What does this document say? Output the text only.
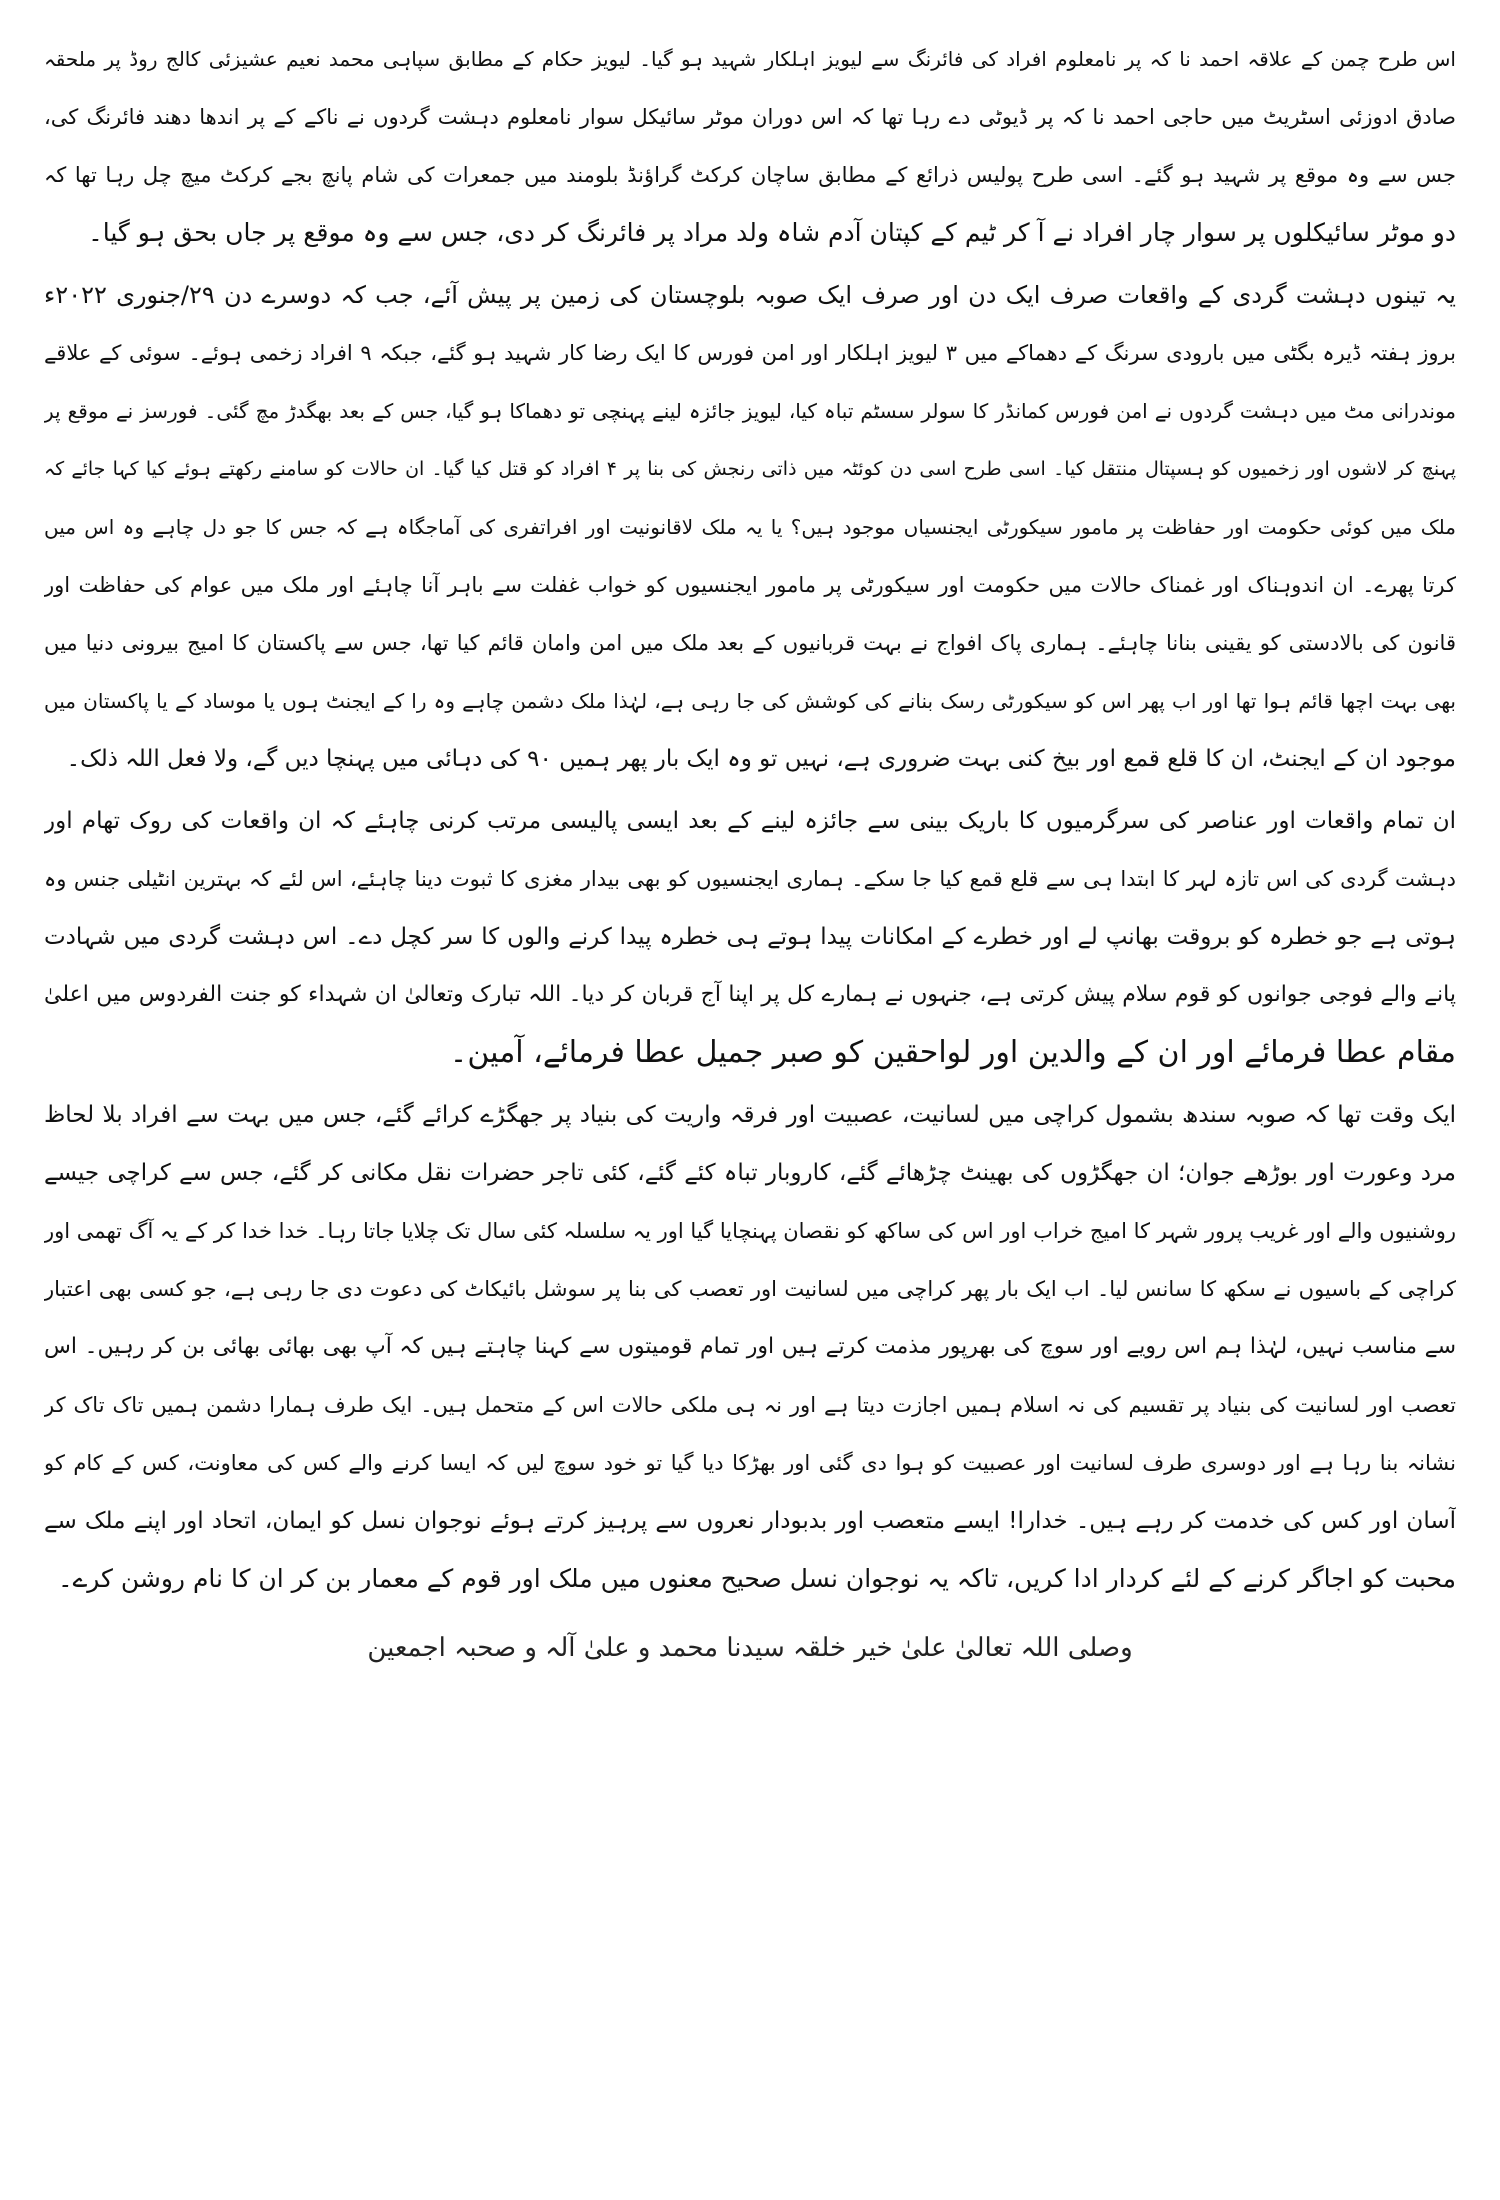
اس طرح چمن کے علاقہ احمد نا کہ پر نامعلوم افراد کی فائرنگ سے لیویز اہلکار شہید ہو گیا۔ لیویز حکام کے مطابق سپاہی محمد نعیم عشیزئی کالج روڈ پر ملحقہ
صادق ادوزئی اسٹریٹ میں حاجی احمد نا کہ پر ڈیوٹی دے رہا تھا کہ اس دوران موٹر سائیکل سوار نامعلوم دہشت گردوں نے ناکے کے پر اندھا دھند فائرنگ کی،
جس سے وہ موقع پر شہید ہو گئے۔ اسی طرح پولیس ذرائع کے مطابق ساچان کرکٹ گراؤنڈ بلومند میں جمعرات کی شام پانچ بجے کرکٹ میچ چل رہا تھا کہ
دو موٹر سائیکلوں پر سوار چار افراد نے آ کر ٹیم کے کپتان آدم شاہ ولد مراد پر فائرنگ کر دی، جس سے وہ موقع پر جاں بحق ہو گیا۔
یہ تینوں دہشت گردی کے واقعات صرف ایک دن اور صرف ایک صوبہ بلوچستان کی زمین پر پیش آئے، جب کہ دوسرے دن ۲۹/جنوری ۲۰۲۲ء
بروز ہفتہ ڈیرہ بگٹی میں بارودی سرنگ کے دھماکے میں ۳ لیویز اہلکار اور امن فورس کا ایک رضا کار شہید ہو گئے، جبکہ ۹ افراد زخمی ہوئے۔ سوئی کے علاقے
موندرانی مٹ میں دہشت گردوں نے امن فورس کمانڈر کا سولر سسٹم تباہ کیا، لیویز جائزہ لینے پہنچی تو دھماکا ہو گیا، جس کے بعد بھگدڑ مچ گئی۔ فورسز نے موقع پر
پہنچ کر لاشوں اور زخمیوں کو ہسپتال منتقل کیا۔ اسی طرح اسی دن کوئٹہ میں ذاتی رنجش کی بنا پر ۴ افراد کو قتل کیا گیا۔ ان حالات کو سامنے رکھتے ہوئے کیا کہا جائے کہ
ملک میں کوئی حکومت اور حفاظت پر مامور سیکورٹی ایجنسیاں موجود ہیں؟ یا یہ ملک لاقانونیت اور افراتفری کی آماجگاہ ہے کہ جس کا جو دل چاہے وہ اس میں
کرتا پھرے۔ ان اندوہناک اور غمناک حالات میں حکومت اور سیکورٹی پر مامور ایجنسیوں کو خواب غفلت سے باہر آنا چاہئے اور ملک میں عوام کی حفاظت اور
قانون کی بالادستی کو یقینی بنانا چاہئے۔ ہماری پاک افواج نے بہت قربانیوں کے بعد ملک میں امن وامان قائم کیا تھا، جس سے پاکستان کا امیج بیرونی دنیا میں
بھی بہت اچھا قائم ہوا تھا اور اب پھر اس کو سیکورٹی رسک بنانے کی کوشش کی جا رہی ہے، لہٰذا ملک دشمن چاہے وہ را کے ایجنٹ ہوں یا موساد کے یا پاکستان میں
موجود ان کے ایجنٹ، ان کا قلع قمع اور بیخ کنی بہت ضروری ہے، نہیں تو وہ ایک بار پھر ہمیں ۹۰ کی دہائی میں پہنچا دیں گے، ولا فعل اللہ ذلک۔
ان تمام واقعات اور عناصر کی سرگرمیوں کا باریک بینی سے جائزہ لینے کے بعد ایسی پالیسی مرتب کرنی چاہئے کہ ان واقعات کی روک تھام اور
دہشت گردی کی اس تازہ لہر کا ابتدا ہی سے قلع قمع کیا جا سکے۔ ہماری ایجنسیوں کو بھی بیدار مغزی کا ثبوت دینا چاہئے، اس لئے کہ بہترین انٹیلی جنس وہ
ہوتی ہے جو خطرہ کو بروقت بھانپ لے اور خطرے کے امکانات پیدا ہوتے ہی خطرہ پیدا کرنے والوں کا سر کچل دے۔ اس دہشت گردی میں شہادت
پانے والے فوجی جوانوں کو قوم سلام پیش کرتی ہے، جنہوں نے ہمارے کل پر اپنا آج قربان کر دیا۔ اللہ تبارک وتعالیٰ ان شہداء کو جنت الفردوس میں اعلیٰ
مقام عطا فرمائے اور ان کے والدین اور لواحقین کو صبر جمیل عطا فرمائے، آمین۔
ایک وقت تھا کہ صوبہ سندھ بشمول کراچی میں لسانیت، عصبیت اور فرقہ واریت کی بنیاد پر جھگڑے کرائے گئے، جس میں بہت سے افراد بلا لحاظ
مرد وعورت اور بوڑھے جوان؛ ان جھگڑوں کی بھینٹ چڑھائے گئے، کاروبار تباہ کئے گئے، کئی تاجر حضرات نقل مکانی کر گئے، جس سے کراچی جیسے
روشنیوں والے اور غریب پرور شہر کا امیج خراب اور اس کی ساکھ کو نقصان پہنچایا گیا اور یہ سلسلہ کئی سال تک چلایا جاتا رہا۔ خدا خدا کر کے یہ آگ تھمی اور
کراچی کے باسیوں نے سکھ کا سانس لیا۔ اب ایک بار پھر کراچی میں لسانیت اور تعصب کی بنا پر سوشل بائیکاٹ کی دعوت دی جا رہی ہے، جو کسی بھی اعتبار
سے مناسب نہیں، لہٰذا ہم اس رویے اور سوچ کی بھرپور مذمت کرتے ہیں اور تمام قومیتوں سے کہنا چاہتے ہیں کہ آپ بھی بھائی بھائی بن کر رہیں۔ اس
تعصب اور لسانیت کی بنیاد پر تقسیم کی نہ اسلام ہمیں اجازت دیتا ہے اور نہ ہی ملکی حالات اس کے متحمل ہیں۔ ایک طرف ہمارا دشمن ہمیں تاک تاک کر
نشانہ بنا رہا ہے اور دوسری طرف لسانیت اور عصبیت کو ہوا دی گئی اور بھڑکا دیا گیا تو خود سوچ لیں کہ ایسا کرنے والے کس کی معاونت، کس کے کام کو
آسان اور کس کی خدمت کر رہے ہیں۔ خدارا! ایسے متعصب اور بدبودار نعروں سے پرہیز کرتے ہوئے نوجوان نسل کو ایمان، اتحاد اور اپنے ملک سے
محبت کو اجاگر کرنے کے لئے کردار ادا کریں، تاکہ یہ نوجوان نسل صحیح معنوں میں ملک اور قوم کے معمار بن کر ان کا نام روشن کرے۔
وصلی اللہ تعالیٰ علیٰ خیر خلقہ سیدنا محمد و علیٰ آلہ و صحبہ اجمعین
